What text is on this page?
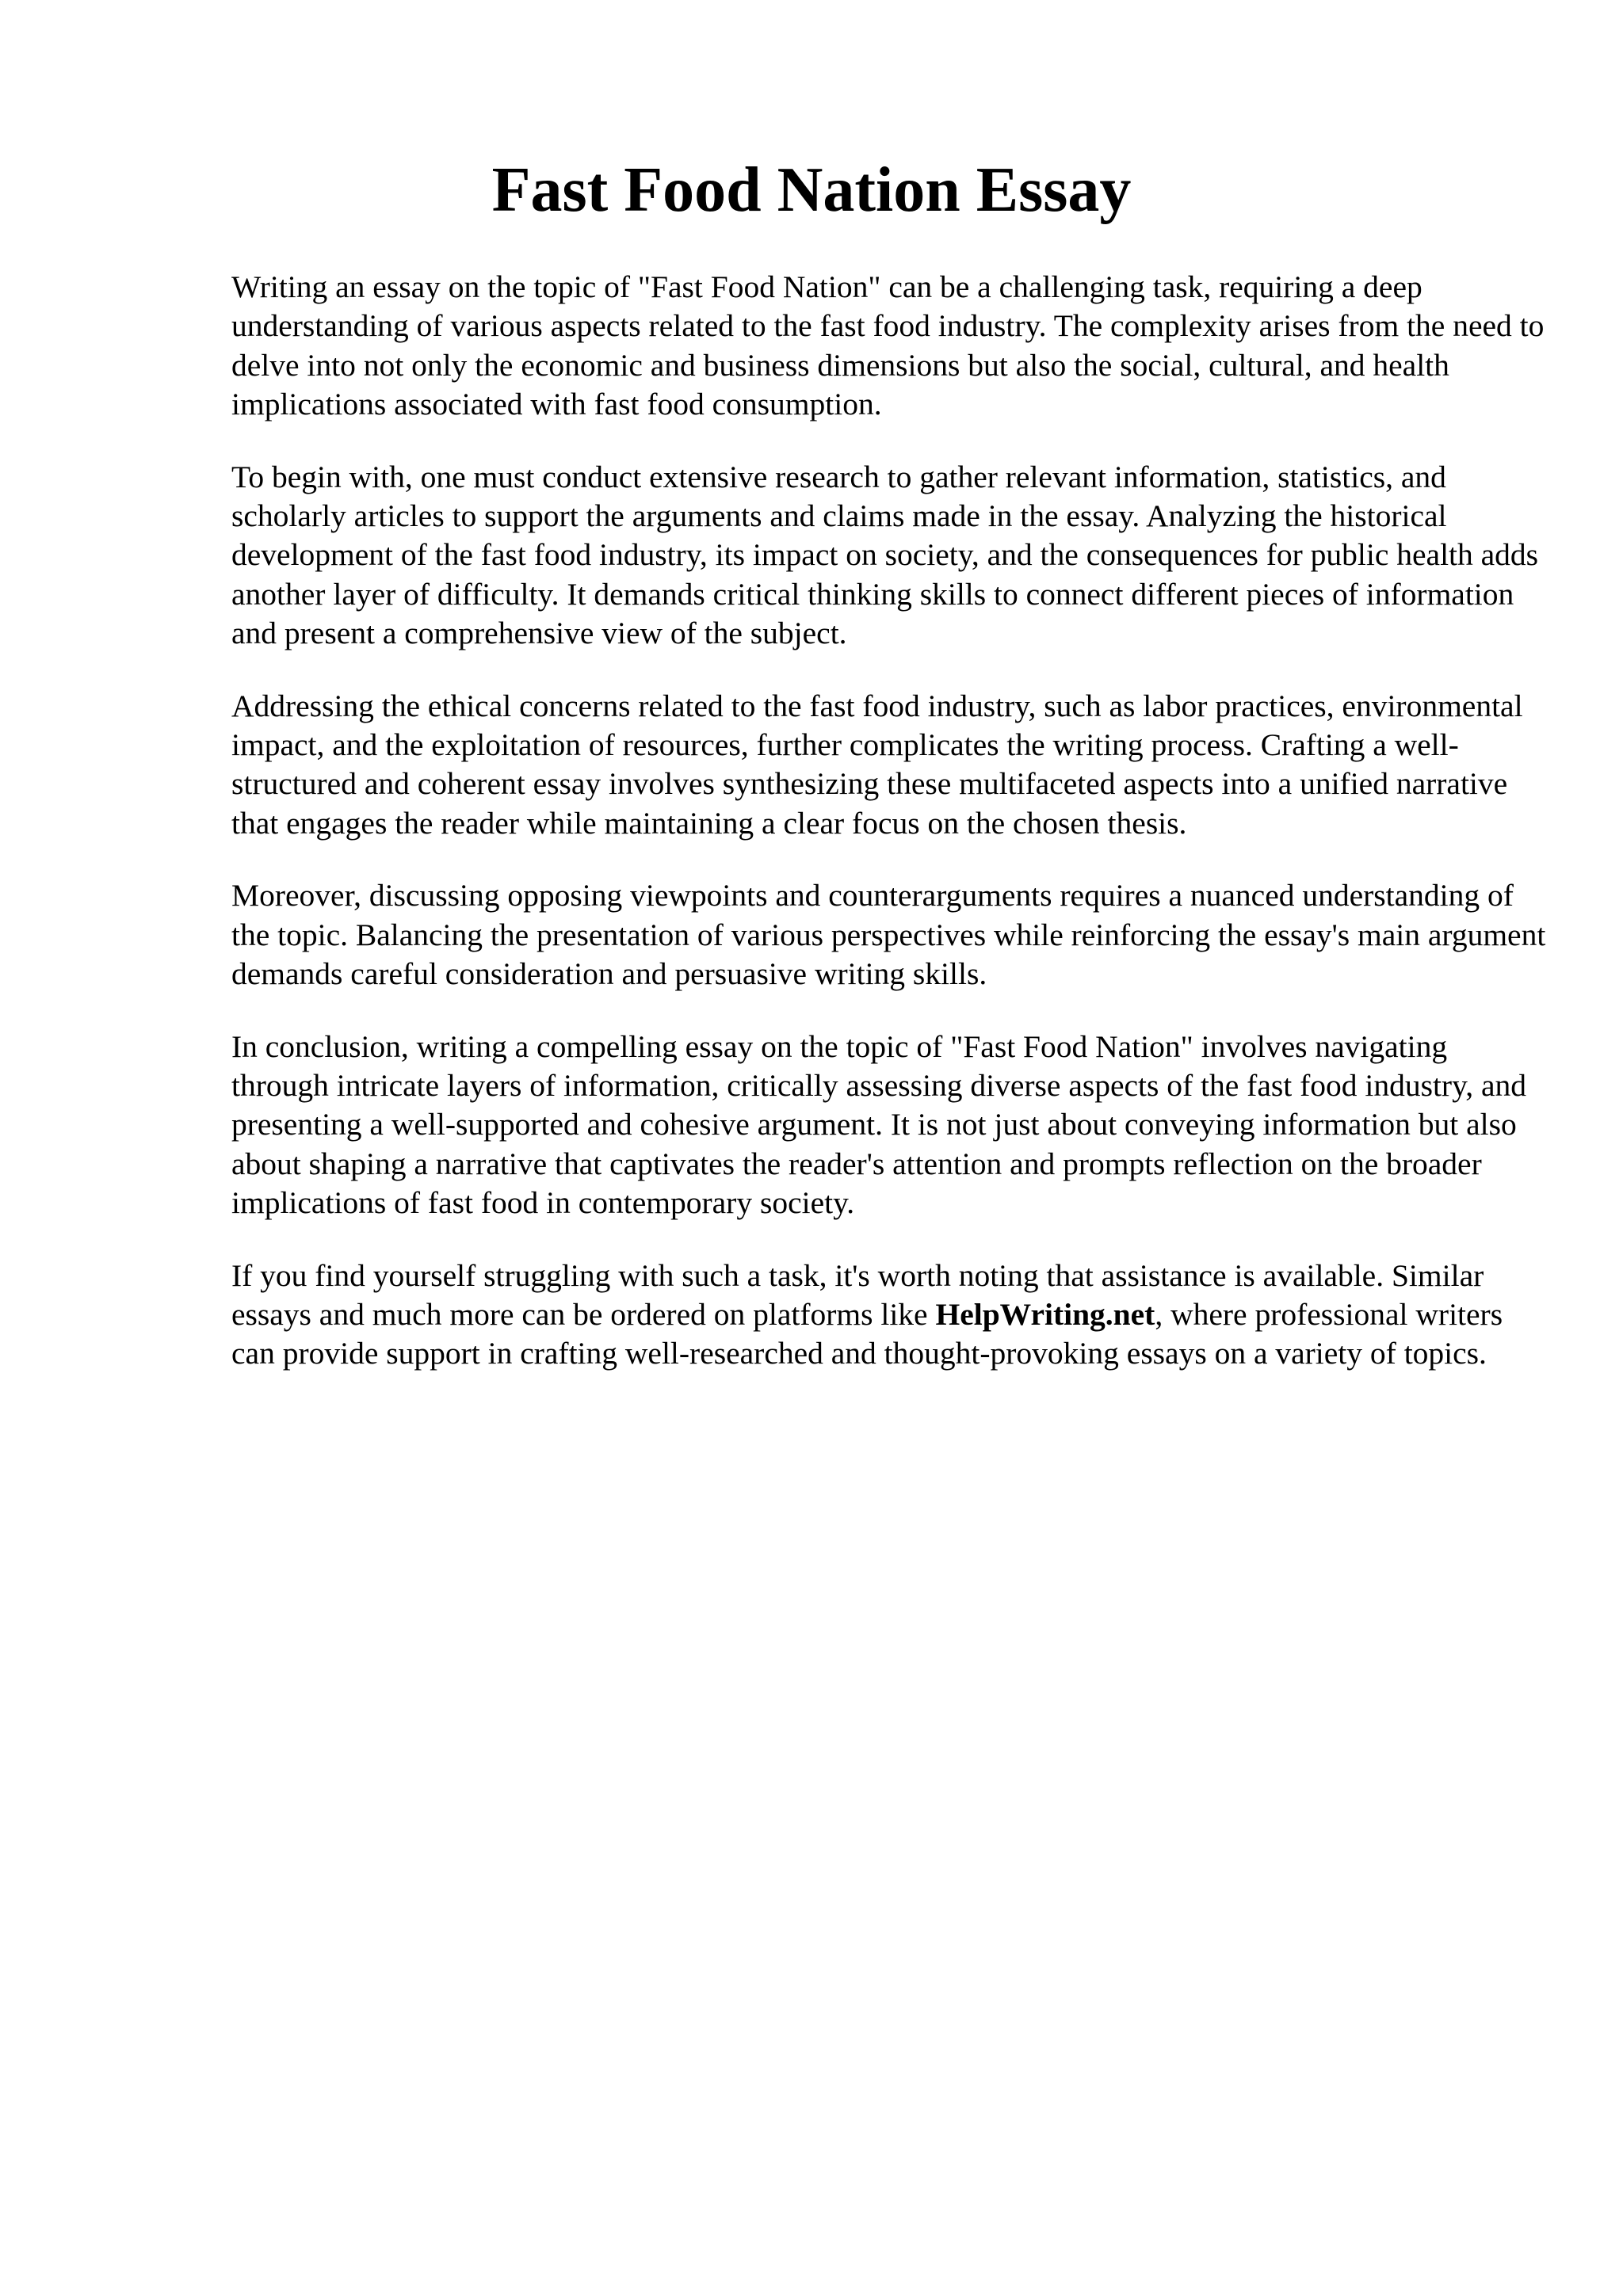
Fast Food Nation Essay

Writing an essay on the topic of "Fast Food Nation" can be a challenging task, requiring a deep understanding of various aspects related to the fast food industry. The complexity arises from the need to delve into not only the economic and business dimensions but also the social, cultural, and health implications associated with fast food consumption.

To begin with, one must conduct extensive research to gather relevant information, statistics, and scholarly articles to support the arguments and claims made in the essay. Analyzing the historical development of the fast food industry, its impact on society, and the consequences for public health adds another layer of difficulty. It demands critical thinking skills to connect different pieces of information and present a comprehensive view of the subject.

Addressing the ethical concerns related to the fast food industry, such as labor practices, environmental impact, and the exploitation of resources, further complicates the writing process. Crafting a well-structured and coherent essay involves synthesizing these multifaceted aspects into a unified narrative that engages the reader while maintaining a clear focus on the chosen thesis.

Moreover, discussing opposing viewpoints and counterarguments requires a nuanced understanding of the topic. Balancing the presentation of various perspectives while reinforcing the essay's main argument demands careful consideration and persuasive writing skills.

In conclusion, writing a compelling essay on the topic of "Fast Food Nation" involves navigating through intricate layers of information, critically assessing diverse aspects of the fast food industry, and presenting a well-supported and cohesive argument. It is not just about conveying information but also about shaping a narrative that captivates the reader's attention and prompts reflection on the broader implications of fast food in contemporary society.

If you find yourself struggling with such a task, it's worth noting that assistance is available. Similar essays and much more can be ordered on platforms like HelpWriting.net, where professional writers can provide support in crafting well-researched and thought-provoking essays on a variety of topics.
